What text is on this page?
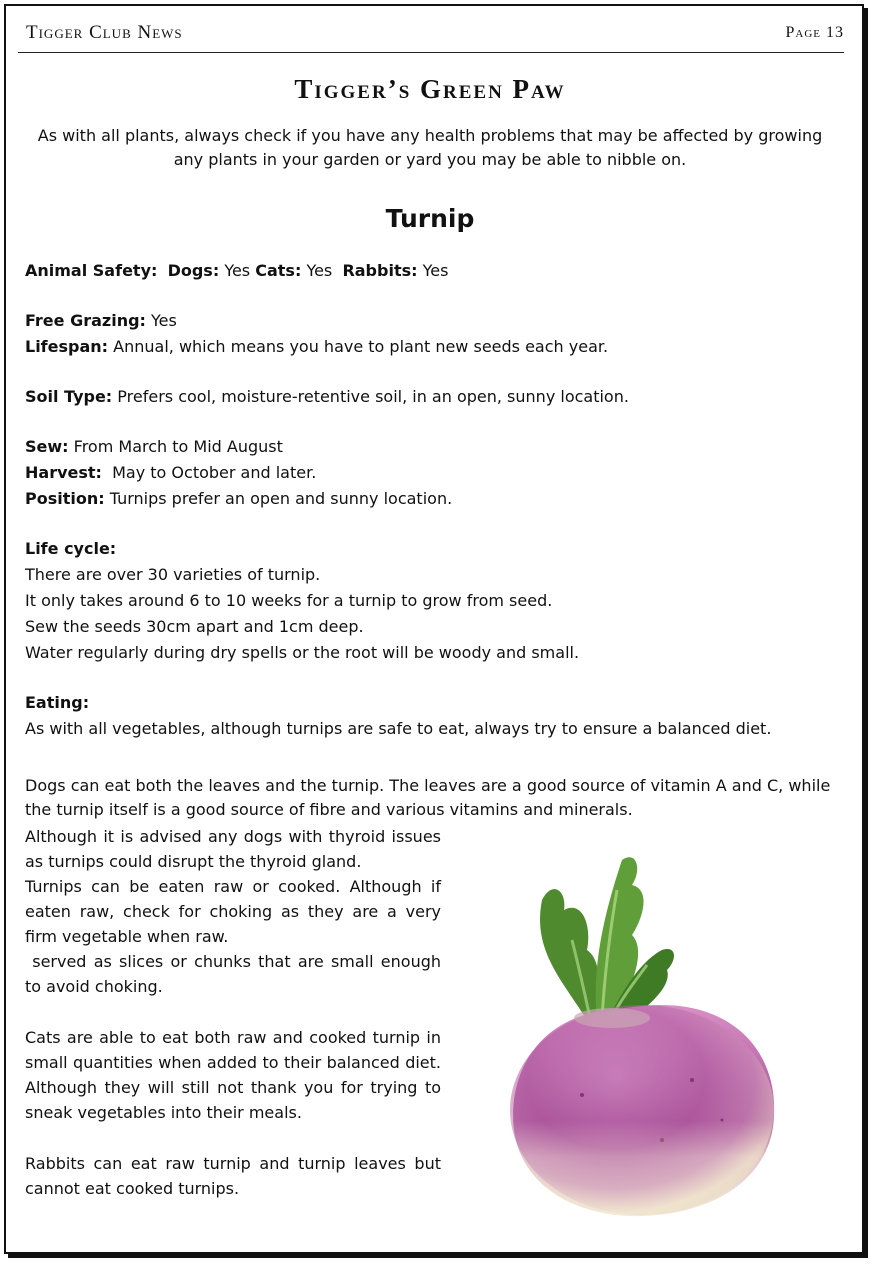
Tigger Club News	Page 13
Tigger’s Green Paw
As with all plants, always check if you have any health problems that may be affected by growing any plants in your garden or yard you may be able to nibble on.
Turnip

Animal Safety: Dogs: Yes Cats: Yes Rabbits: Yes

Free Grazing: Yes

Lifespan: Annual, which means you have to plant new seeds each year.

Soil Type: Prefers cool, moisture-retentive soil, in an open, sunny location.

Sew: From March to Mid August

Harvest: May to October and later.

Position: Turnips prefer an open and sunny location.

Life cycle:

There are over 30 varieties of turnip.

It only takes around 6 to 10 weeks for a turnip to grow from seed.

Sew the seeds 30cm apart and 1cm deep.

Water regularly during dry spells or the root will be woody and small.

Eating:

As with all vegetables, although turnips are safe to eat, always try to ensure a balanced diet.

Dogs can eat both the leaves and the turnip. The leaves are a good source of vitamin A and C, while the turnip itself is a good source of fibre and various vitamins and minerals.

Although it is advised any dogs with thyroid issues as turnips could disrupt the thyroid gland.

Turnips can be eaten raw or cooked. Although if eaten raw, check for choking as they are a very firm vegetable when raw.

served as slices or chunks that are small enough to avoid choking.

Cats are able to eat both raw and cooked turnip in small quantities when added to their balanced diet. Although they will still not thank you for trying to sneak vegetables into their meals.

Rabbits can eat raw turnip and turnip leaves but cannot eat cooked turnips.
